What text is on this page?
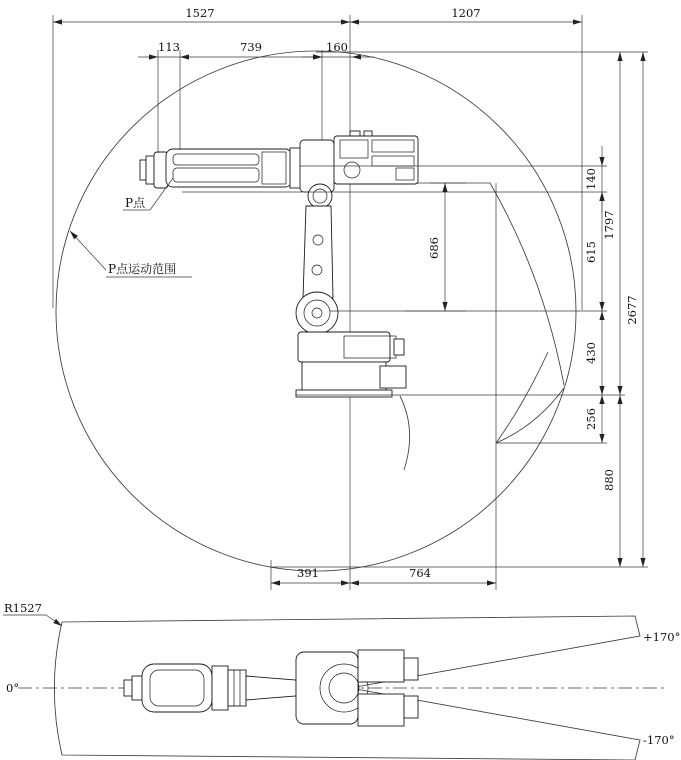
1527	1207
113	739	160
140
615
430
256
1797
880
2677
686
391	764
P点
P点运动范围
R1527
0°
+170°
-170°
